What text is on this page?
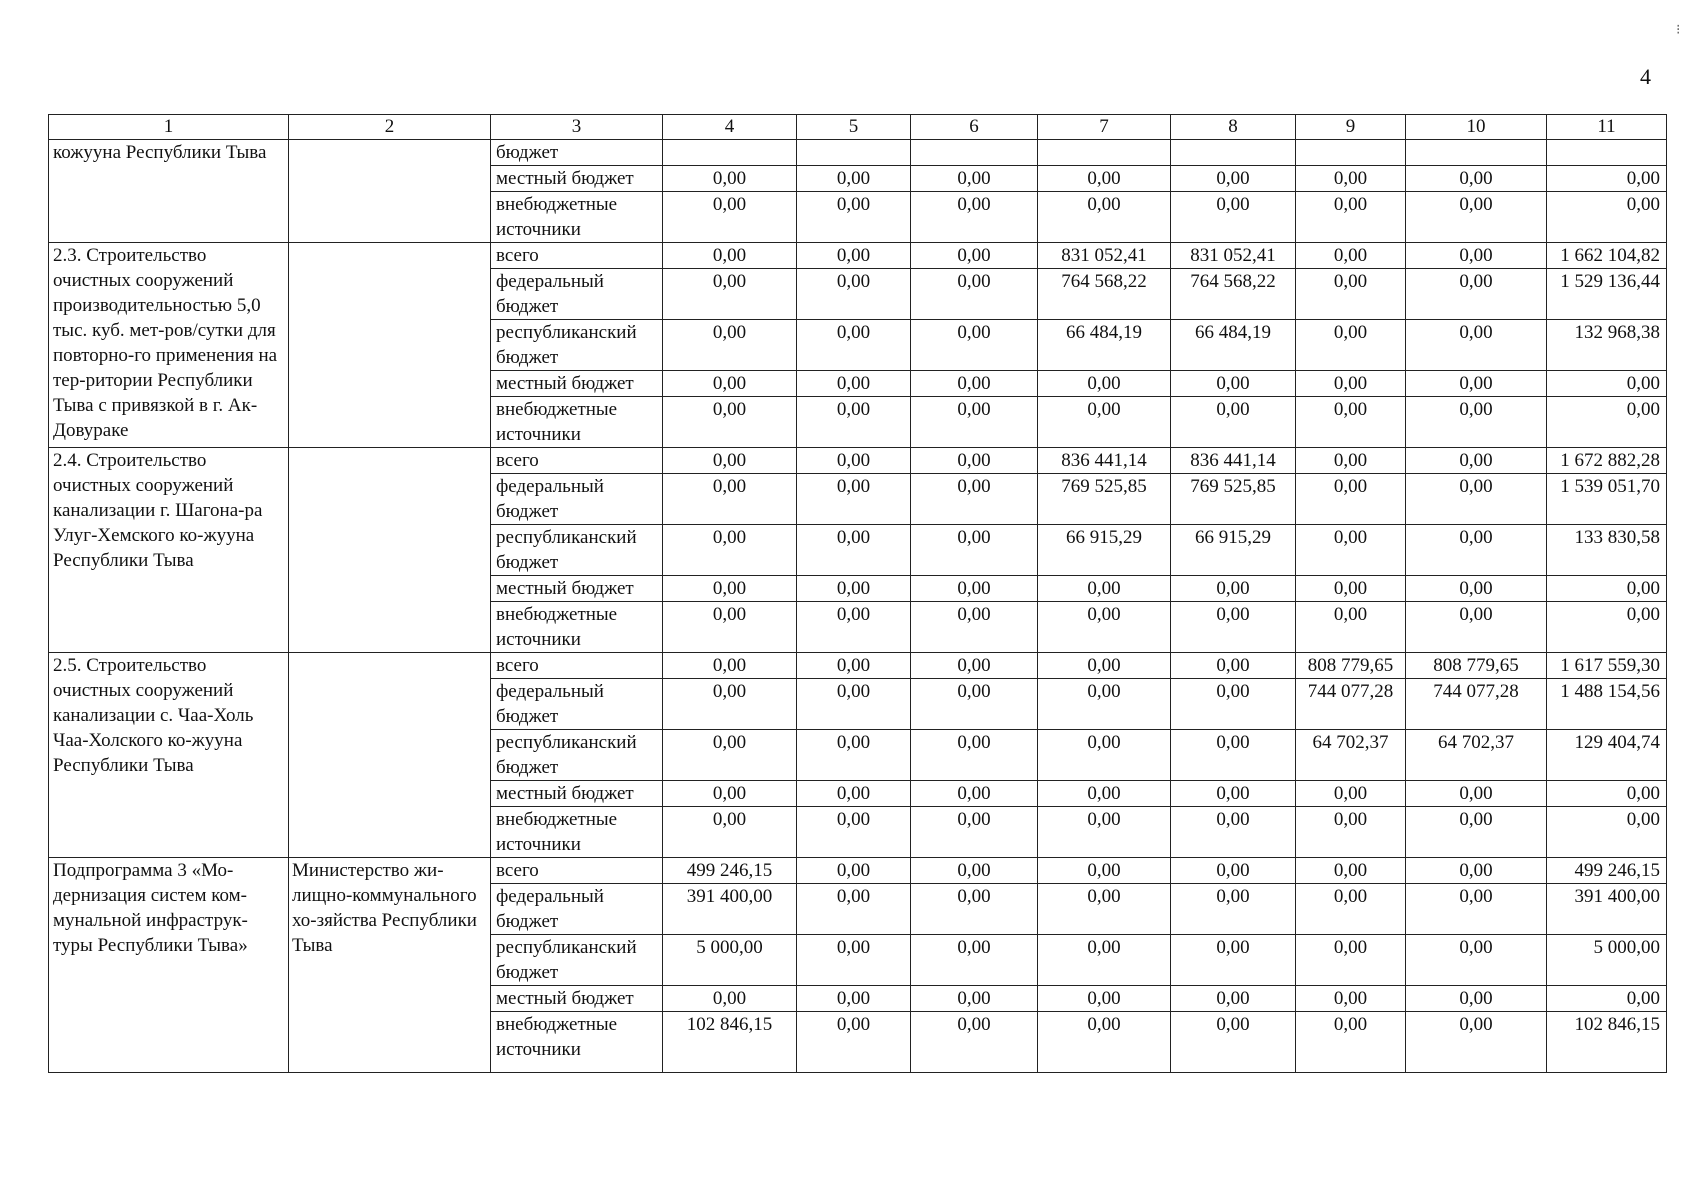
⁝
4
1	2	3	4	5	6	7	8	9	10	11
кожууна Республики Тыва		бюджет								
		местный бюджет	0,00	0,00	0,00	0,00	0,00	0,00	0,00	0,00
		внебюджетные источники	0,00	0,00	0,00	0,00	0,00	0,00	0,00	0,00
2.3. Строительство очистных сооружений производительностью 5,0 тыс. куб. мет-ров/сутки для повторно-го применения на тер-ритории Республики Тыва с привязкой в г. Ак-Довураке		всего	0,00	0,00	0,00	831 052,41	831 052,41	0,00	0,00	1 662 104,82
		федеральный бюджет	0,00	0,00	0,00	764 568,22	764 568,22	0,00	0,00	1 529 136,44
		республиканский бюджет	0,00	0,00	0,00	66 484,19	66 484,19	0,00	0,00	132 968,38
		местный бюджет	0,00	0,00	0,00	0,00	0,00	0,00	0,00	0,00
		внебюджетные источники	0,00	0,00	0,00	0,00	0,00	0,00	0,00	0,00
2.4. Строительство очистных сооружений канализации г. Шагона-ра Улуг-Хемского ко-жууна Республики Тыва		всего	0,00	0,00	0,00	836 441,14	836 441,14	0,00	0,00	1 672 882,28
		федеральный бюджет	0,00	0,00	0,00	769 525,85	769 525,85	0,00	0,00	1 539 051,70
		республиканский бюджет	0,00	0,00	0,00	66 915,29	66 915,29	0,00	0,00	133 830,58
		местный бюджет	0,00	0,00	0,00	0,00	0,00	0,00	0,00	0,00
		внебюджетные источники	0,00	0,00	0,00	0,00	0,00	0,00	0,00	0,00
2.5. Строительство очистных сооружений канализации с. Чаа-Холь Чаа-Холского ко-жууна Республики Тыва		всего	0,00	0,00	0,00	0,00	0,00	808 779,65	808 779,65	1 617 559,30
		федеральный бюджет	0,00	0,00	0,00	0,00	0,00	744 077,28	744 077,28	1 488 154,56
		республиканский бюджет	0,00	0,00	0,00	0,00	0,00	64 702,37	64 702,37	129 404,74
		местный бюджет	0,00	0,00	0,00	0,00	0,00	0,00	0,00	0,00
		внебюджетные источники	0,00	0,00	0,00	0,00	0,00	0,00	0,00	0,00
Подпрограмма 3 «Мо-дернизация систем ком-мунальной инфраструк-туры Республики Тыва»	Министерство жи-лищно-коммунального хо-зяйства Республики Тыва	всего	499 246,15	0,00	0,00	0,00	0,00	0,00	0,00	499 246,15
		федеральный бюджет	391 400,00	0,00	0,00	0,00	0,00	0,00	0,00	391 400,00
		республиканский бюджет	5 000,00	0,00	0,00	0,00	0,00	0,00	0,00	5 000,00
		местный бюджет	0,00	0,00	0,00	0,00	0,00	0,00	0,00	0,00
		внебюджетные источники	102 846,15	0,00	0,00	0,00	0,00	0,00	0,00	102 846,15
